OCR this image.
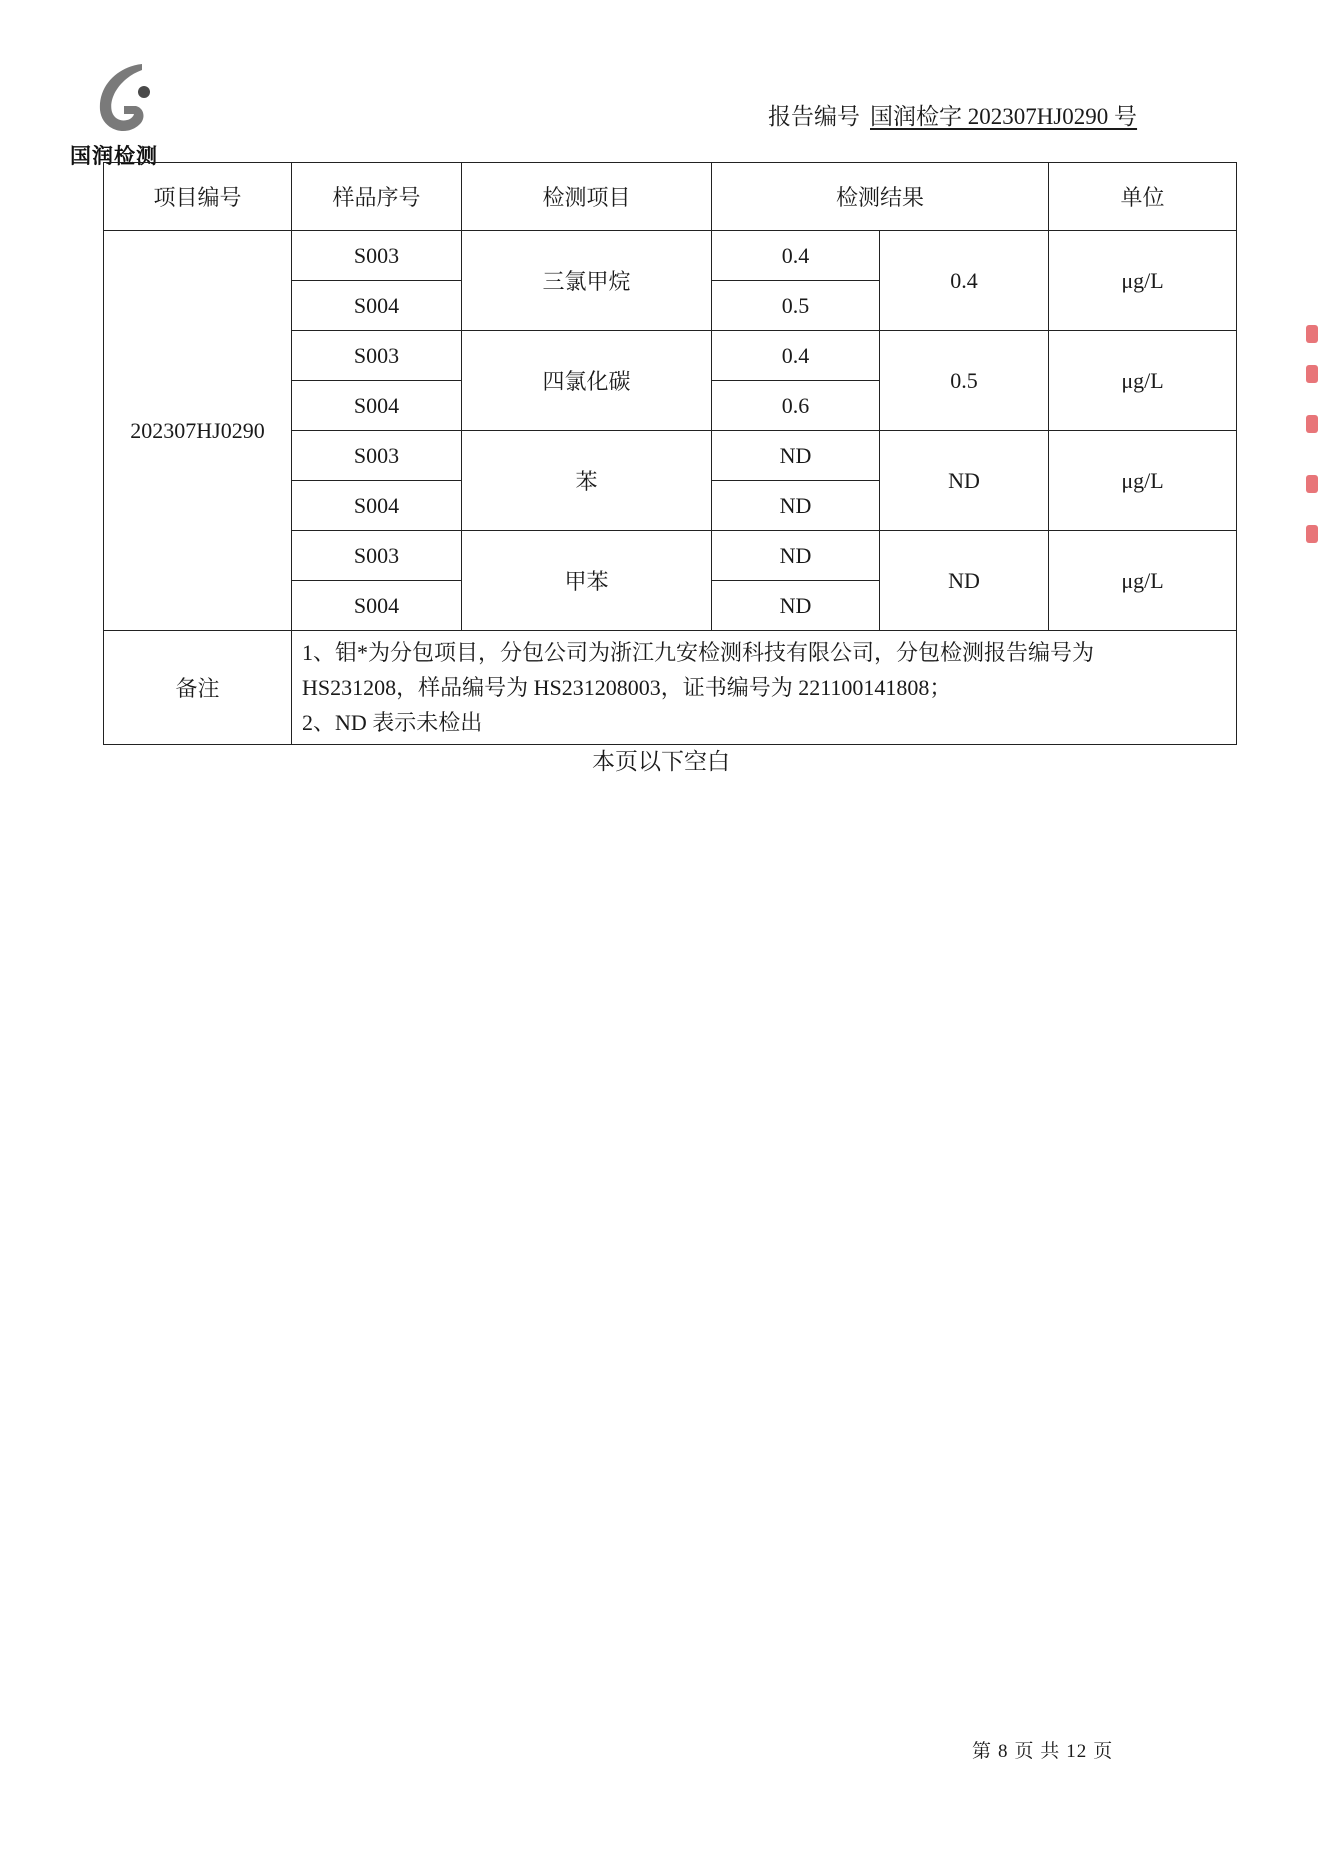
国润检测
报告编号 国润检字 202307HJ0290 号
项目编号	样品序号	检测项目	检测结果		单位
202307HJ0290	S003	三氯甲烷	0.4	0.4	μg/L
	S004		0.5		
	S003	四氯化碳	0.4	0.5	μg/L
	S004		0.6		
	S003	苯	ND	ND	μg/L
	S004		ND		
	S003	甲苯	ND	ND	μg/L
	S004		ND		
备注	1、钼*为分包项目，分包公司为浙江九安检测科技有限公司，分包检测报告编号为
HS231208，样品编号为 HS231208003，证书编号为 221100141808；
2、ND 表示未检出				
本页以下空白
第 8 页 共 12 页
